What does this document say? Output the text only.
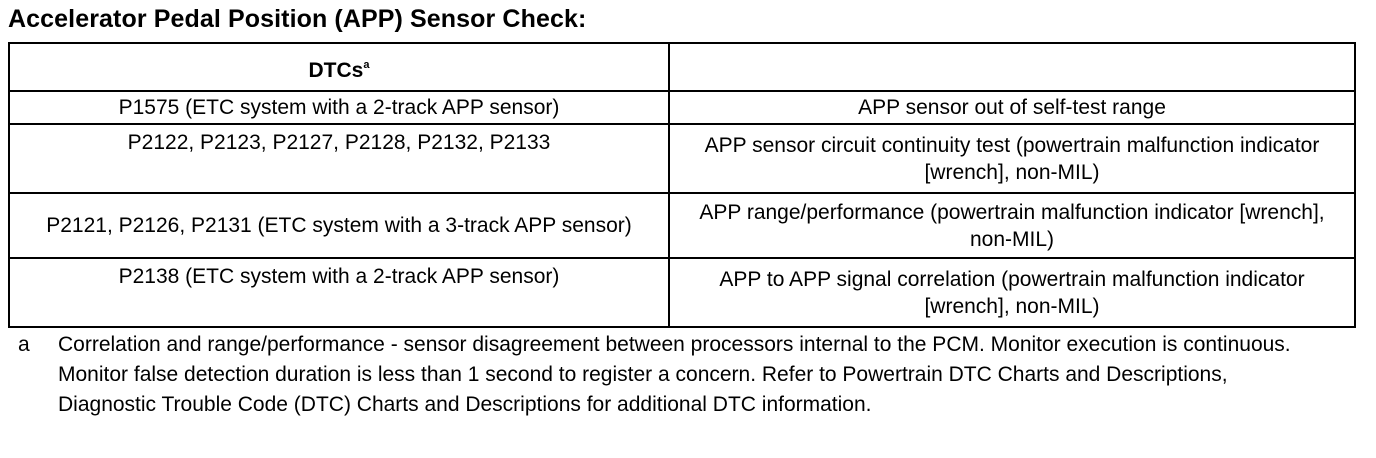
Accelerator Pedal Position (APP) Sensor Check:
DTCs$^a$	
P1575 (ETC system with a 2-track APP sensor)	APP sensor out of self-test range
P2122, P2123, P2127, P2128, P2132, P2133	APP sensor circuit continuity test (powertrain malfunction indicator [wrench], non-MIL)
P2121, P2126, P2131 (ETC system with a 3-track APP sensor)	APP range/performance (powertrain malfunction indicator [wrench], non-MIL)
P2138 (ETC system with a 2-track APP sensor)	APP to APP signal correlation (powertrain malfunction indicator [wrench], non-MIL)
a Correlation and range/performance - sensor disagreement between processors internal to the PCM. Monitor execution is continuous. Monitor false detection duration is less than 1 second to register a concern. Refer to Powertrain DTC Charts and Descriptions, Diagnostic Trouble Code (DTC) Charts and Descriptions for additional DTC information.
